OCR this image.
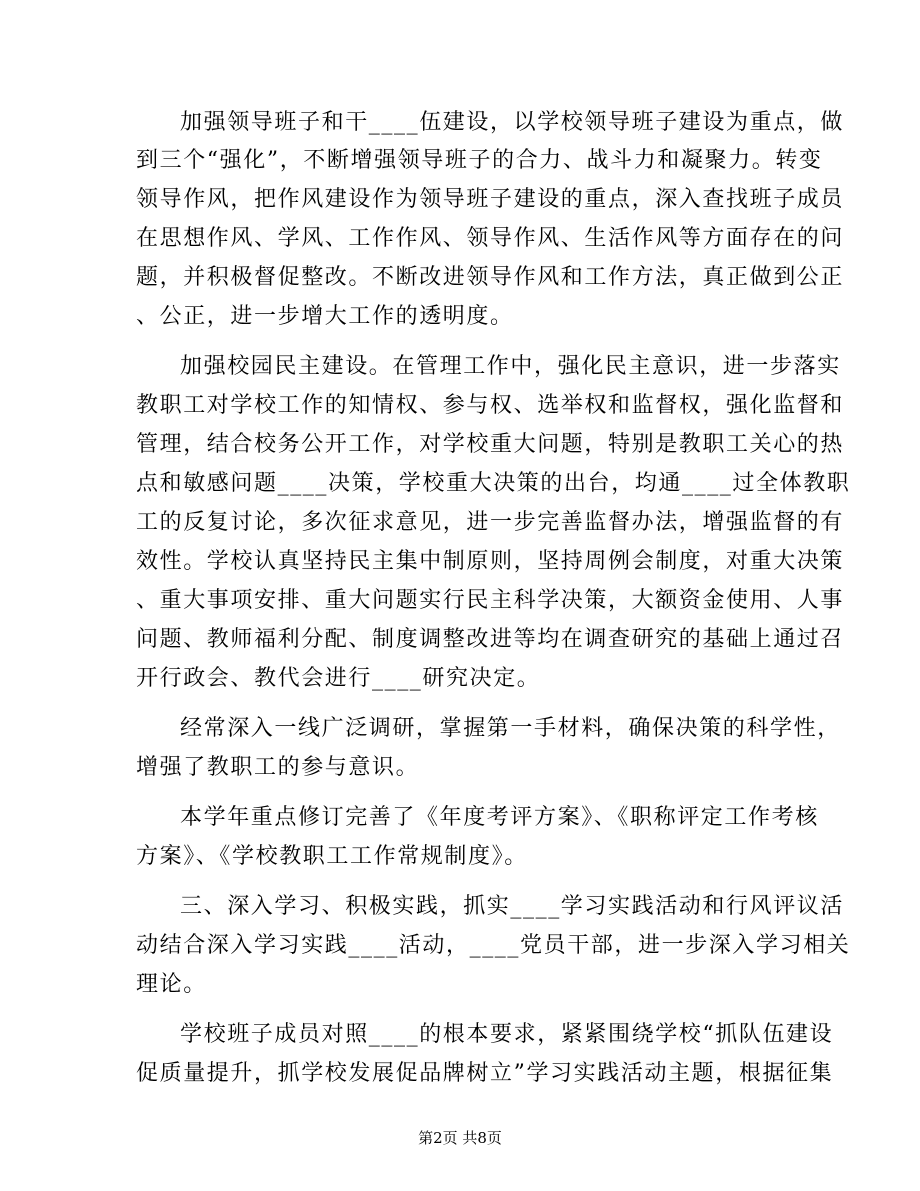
加强领导班子和干____伍建设，以学校领导班子建设为重点，做
到三个“强化”，不断增强领导班子的合力、战斗力和凝聚力。转变
领导作风，把作风建设作为领导班子建设的重点，深入查找班子成员
在思想作风、学风、工作作风、领导作风、生活作风等方面存在的问
题，并积极督促整改。不断改进领导作风和工作方法，真正做到公正
、公正，进一步增大工作的透明度。
加强校园民主建设。在管理工作中，强化民主意识，进一步落实
教职工对学校工作的知情权、参与权、选举权和监督权，强化监督和
管理，结合校务公开工作，对学校重大问题，特别是教职工关心的热
点和敏感问题____决策，学校重大决策的出台，均通____过全体教职
工的反复讨论，多次征求意见，进一步完善监督办法，增强监督的有
效性。学校认真坚持民主集中制原则，坚持周例会制度，对重大决策
、重大事项安排、重大问题实行民主科学决策，大额资金使用、人事
问题、教师福利分配、制度调整改进等均在调查研究的基础上通过召
开行政会、教代会进行____研究决定。
经常深入一线广泛调研，掌握第一手材料，确保决策的科学性，
增强了教职工的参与意识。
本学年重点修订完善了《年度考评方案》、《职称评定工作考核
方案》、《学校教职工工作常规制度》。
三、深入学习、积极实践，抓实____学习实践活动和行风评议活
动结合深入学习实践____活动，____党员干部，进一步深入学习相关
理论。
学校班子成员对照____的根本要求，紧紧围绕学校“抓队伍建设
促质量提升，抓学校发展促品牌树立”学习实践活动主题，根据征集
第2页 共8页
